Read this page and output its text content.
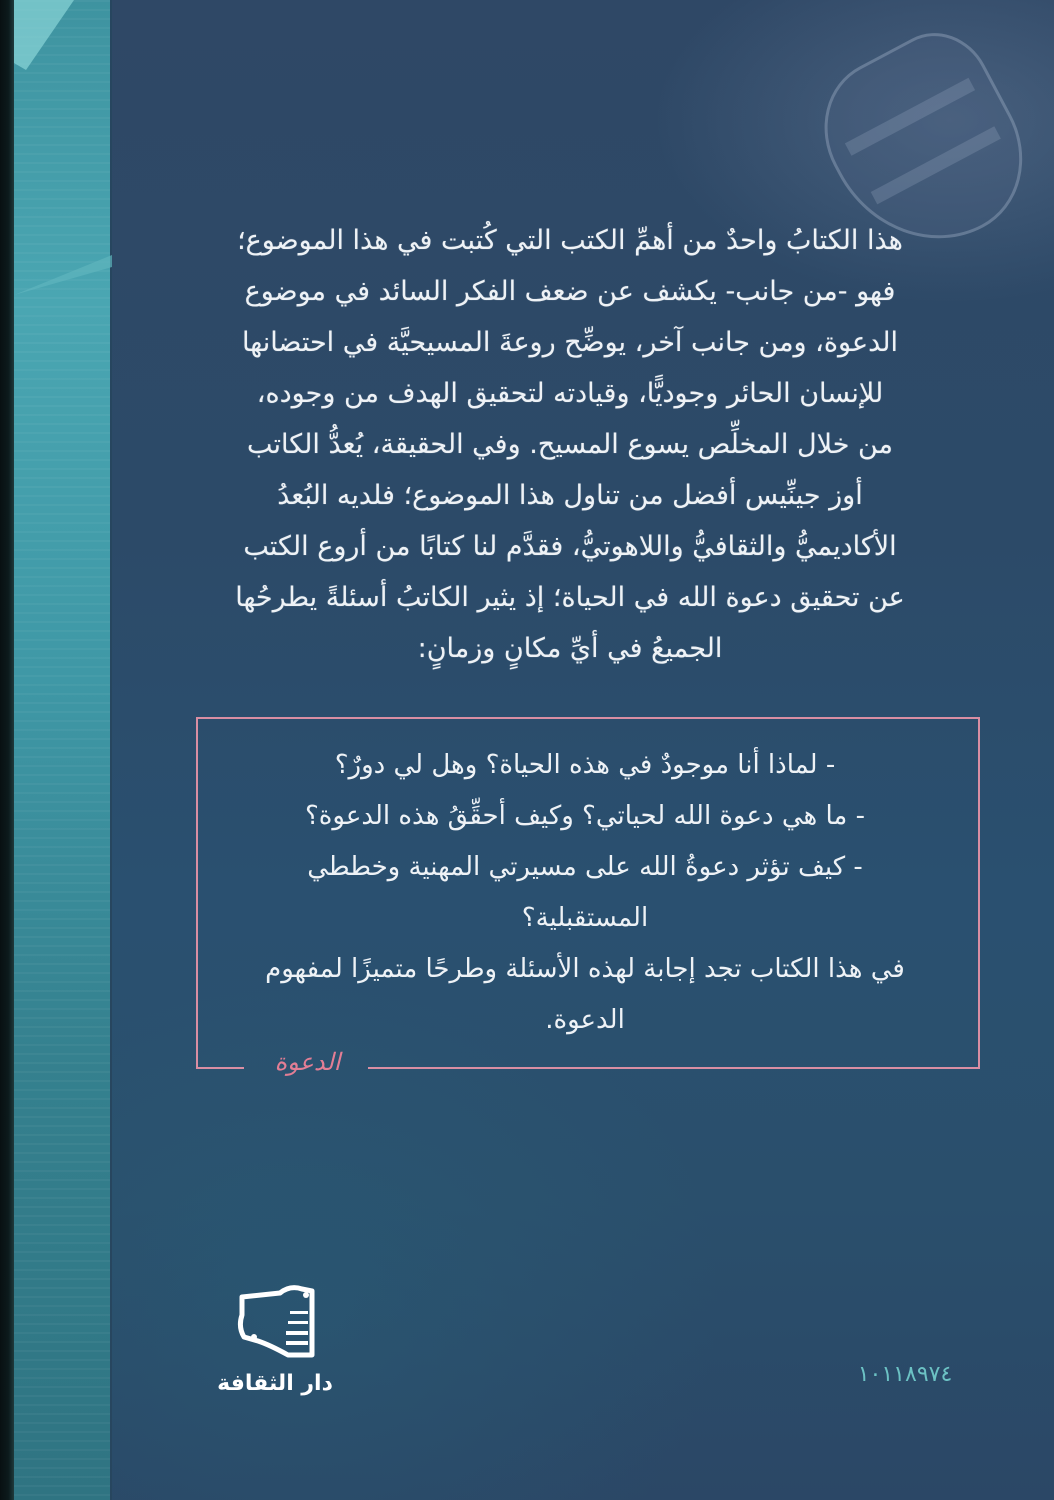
هذا الكتابُ واحدٌ من أهمِّ الكتب التي كُتبت في هذا الموضوع؛
فهو -من جانب- يكشف عن ضعف الفكر السائد في موضوع
الدعوة، ومن جانب آخر، يوضِّح روعةَ المسيحيَّة في احتضانها
للإنسان الحائر وجوديًّا، وقيادته لتحقيق الهدف من وجوده،
من خلال المخلِّص يسوع المسيح. وفي الحقيقة، يُعدُّ الكاتب
أوز جينِّيس أفضل من تناول هذا الموضوع؛ فلديه البُعدُ
الأكاديميُّ والثقافيُّ واللاهوتيُّ، فقدَّم لنا كتابًا من أروع الكتب
عن تحقيق دعوة الله في الحياة؛ إذ يثير الكاتبُ أسئلةً يطرحُها
الجميعُ في أيِّ مكانٍ وزمانٍ:
الدعوة
- لماذا أنا موجودٌ في هذه الحياة؟ وهل لي دورٌ؟
- ما هي دعوة الله لحياتي؟ وكيف أحقِّقُ هذه الدعوة؟
- كيف تؤثر دعوةُ الله على مسيرتي المهنية وخططي
المستقبلية؟
في هذا الكتاب تجد إجابة لهذه الأسئلة وطرحًا متميزًا لمفهوم
الدعوة.
دار الثقافة	١٠١١٨٩٧٤
